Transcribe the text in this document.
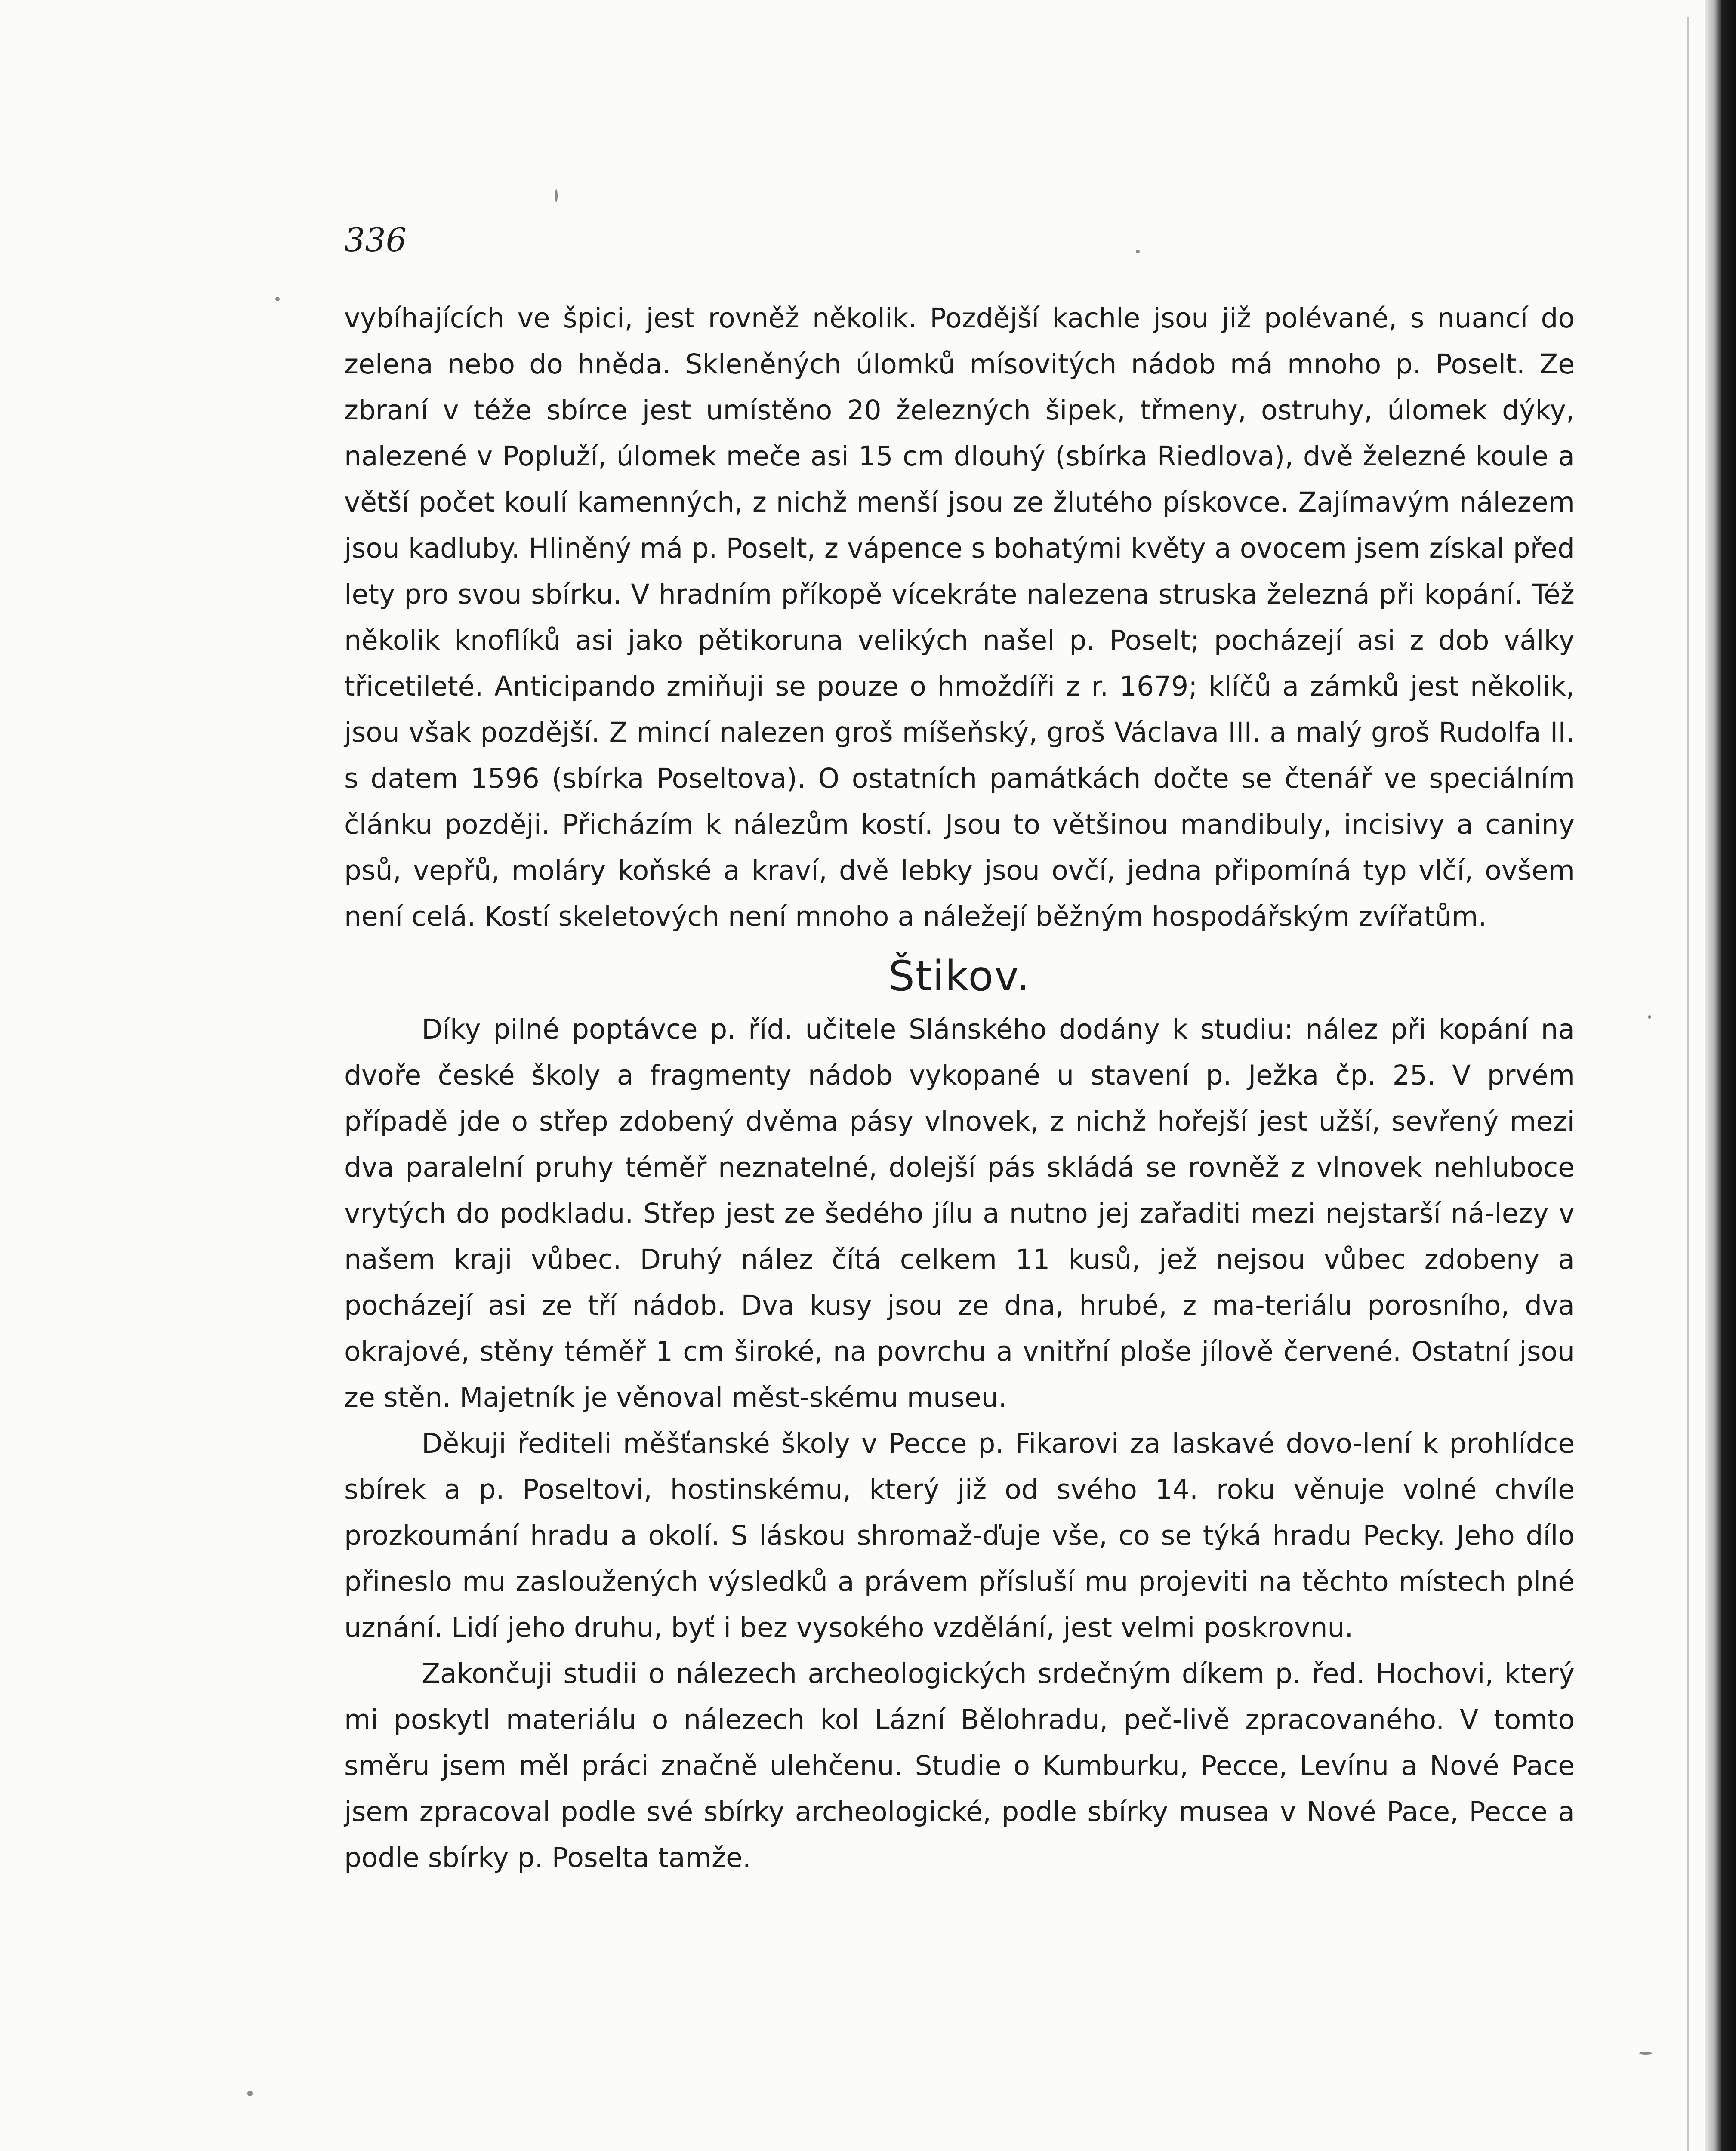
336

vybíhajících ve špici, jest rovněž několik. Pozdější kachle jsou již polévané, s nuancí do zelena nebo do hněda. Skleněných úlomků mísovitých nádob má mnoho p. Poselt. Ze zbraní v téže sbírce jest umístěno 20 železných šipek, třmeny, ostruhy, úlomek dýky, nalezené v Popluží, úlomek meče asi 15 cm dlouhý (sbírka Riedlova), dvě železné koule a větší počet koulí kamenných, z nichž menší jsou ze žlutého pískovce. Zajímavým nálezem jsou kadluby. Hliněný má p. Poselt, z vápence s bohatými květy a ovocem jsem získal před lety pro svou sbírku. V hradním příkopě vícekráte nalezena struska železná při kopání. Též několik knoflíků asi jako pětikoruna velikých našel p. Poselt; pocházejí asi z dob války třicetileté. Anticipando zmiňuji se pouze o hmoždíři z r. 1679; klíčů a zámků jest několik, jsou však pozdější. Z mincí nalezen groš míšeňský, groš Václava III. a malý groš Rudolfa II. s datem 1596 (sbírka Poseltova). O ostatních památkách dočte se čtenář ve speciálním článku později. Přicházím k nálezům kostí. Jsou to většinou mandibuly, incisivy a caniny psů, vepřů, moláry koňské a kraví, dvě lebky jsou ovčí, jedna připomíná typ vlčí, ovšem není celá. Kostí skeletových není mnoho a náležejí běžným hospodářským zvířatům.

Štikov.

Díky pilné poptávce p. říd. učitele Slánského dodány k studiu: nález při kopání na dvoře české školy a fragmenty nádob vykopané u stavení p. Ježka čp. 25. V prvém případě jde o střep zdobený dvěma pásy vlnovek, z nichž hořejší jest užší, sevřený mezi dva paralelní pruhy téměř neznatelné, dolejší pás skládá se rovněž z vlnovek nehluboce vrytých do podkladu. Střep jest ze šedého jílu a nutno jej zařaditi mezi nejstarší ná-lezy v našem kraji vůbec. Druhý nález čítá celkem 11 kusů, jež nejsou vůbec zdobeny a pocházejí asi ze tří nádob. Dva kusy jsou ze dna, hrubé, z ma-teriálu porosního, dva okrajové, stěny téměř 1 cm široké, na povrchu a vnitřní ploše jílově červené. Ostatní jsou ze stěn. Majetník je věnoval měst-skému museu.

Děkuji řediteli měšťanské školy v Pecce p. Fikarovi za laskavé dovo-lení k prohlídce sbírek a p. Poseltovi, hostinskému, který již od svého 14. roku věnuje volné chvíle prozkoumání hradu a okolí. S láskou shromaž-ďuje vše, co se týká hradu Pecky. Jeho dílo přineslo mu zasloužených výsledků a právem přísluší mu projeviti na těchto místech plné uznání. Lidí jeho druhu, byť i bez vysokého vzdělání, jest velmi poskrovnu.

Zakončuji studii o nálezech archeologických srdečným díkem p. řed. Hochovi, který mi poskytl materiálu o nálezech kol Lázní Bělohradu, peč-livě zpracovaného. V tomto směru jsem měl práci značně ulehčenu. Studie o Kumburku, Pecce, Levínu a Nové Pace jsem zpracoval podle své sbírky archeologické, podle sbírky musea v Nové Pace, Pecce a podle sbírky p. Poselta tamže.
